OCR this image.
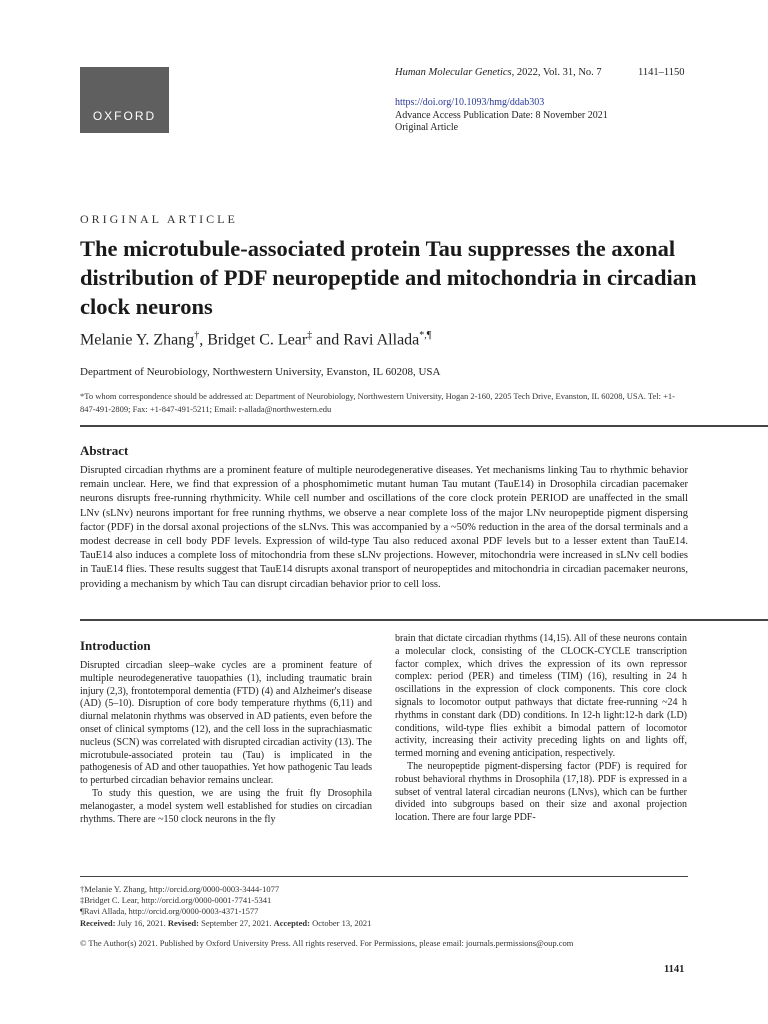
OXFORD
Human Molecular Genetics, 2022, Vol. 31, No. 7	1141–1150
https://doi.org/10.1093/hmg/ddab303
Advance Access Publication Date: 8 November 2021
Original Article
ORIGINAL ARTICLE
The microtubule-associated protein Tau suppresses the axonal distribution of PDF neuropeptide and mitochondria in circadian clock neurons
Melanie Y. Zhang†, Bridget C. Lear‡ and Ravi Allada*,¶
Department of Neurobiology, Northwestern University, Evanston, IL 60208, USA
*To whom correspondence should be addressed at: Department of Neurobiology, Northwestern University, Hogan 2-160, 2205 Tech Drive, Evanston, IL 60208, USA. Tel: +1-847-491-2809; Fax: +1-847-491-5211; Email: r-allada@northwestern.edu
Abstract
Disrupted circadian rhythms are a prominent feature of multiple neurodegenerative diseases. Yet mechanisms linking Tau to rhythmic behavior remain unclear. Here, we find that expression of a phosphomimetic mutant human Tau mutant (TauE14) in Drosophila circadian pacemaker neurons disrupts free-running rhythmicity. While cell number and oscillations of the core clock protein PERIOD are unaffected in the small LNv (sLNv) neurons important for free running rhythms, we observe a near complete loss of the major LNv neuropeptide pigment dispersing factor (PDF) in the dorsal axonal projections of the sLNvs. This was accompanied by a ~50% reduction in the area of the dorsal terminals and a modest decrease in cell body PDF levels. Expression of wild-type Tau also reduced axonal PDF levels but to a lesser extent than TauE14. TauE14 also induces a complete loss of mitochondria from these sLNv projections. However, mitochondria were increased in sLNv cell bodies in TauE14 flies. These results suggest that TauE14 disrupts axonal transport of neuropeptides and mitochondria in circadian pacemaker neurons, providing a mechanism by which Tau can disrupt circadian behavior prior to cell loss.
Introduction

Disrupted circadian sleep–wake cycles are a prominent feature of multiple neurodegenerative tauopathies (1), including traumatic brain injury (2,3), frontotemporal dementia (FTD) (4) and Alzheimer's disease (AD) (5–10). Disruption of core body temperature rhythms (6,11) and diurnal melatonin rhythms was observed in AD patients, even before the onset of clinical symptoms (12), and the cell loss in the suprachiasmatic nucleus (SCN) was correlated with disrupted circadian activity (13). The microtubule-associated protein tau (Tau) is implicated in the pathogenesis of AD and other tauopathies. Yet how pathogenic Tau leads to perturbed circadian behavior remains unclear.

To study this question, we are using the fruit fly Drosophila melanogaster, a model system well established for studies on circadian rhythms. There are ~150 clock neurons in the fly

brain that dictate circadian rhythms (14,15). All of these neurons contain a molecular clock, consisting of the CLOCK-CYCLE transcription factor complex, which drives the expression of its own repressor complex: period (PER) and timeless (TIM) (16), resulting in 24 h oscillations in the expression of clock components. This core clock signals to locomotor output pathways that dictate free-running ~24 h rhythms in constant dark (DD) conditions. In 12-h light:12-h dark (LD) conditions, wild-type flies exhibit a bimodal pattern of locomotor activity, increasing their activity preceding lights on and lights off, termed morning and evening anticipation, respectively.

The neuropeptide pigment-dispersing factor (PDF) is required for robust behavioral rhythms in Drosophila (17,18). PDF is expressed in a subset of ventral lateral circadian neurons (LNvs), which can be further divided into subgroups based on their size and axonal projection location. There are four large PDF-

†Melanie Y. Zhang, http://orcid.org/0000-0003-3444-1077
‡Bridget C. Lear, http://orcid.org/0000-0001-7741-5341
¶Ravi Allada, http://orcid.org/0000-0003-4371-1577
Received: July 16, 2021. Revised: September 27, 2021. Accepted: October 13, 2021
© The Author(s) 2021. Published by Oxford University Press. All rights reserved. For Permissions, please email: journals.permissions@oup.com
1141
